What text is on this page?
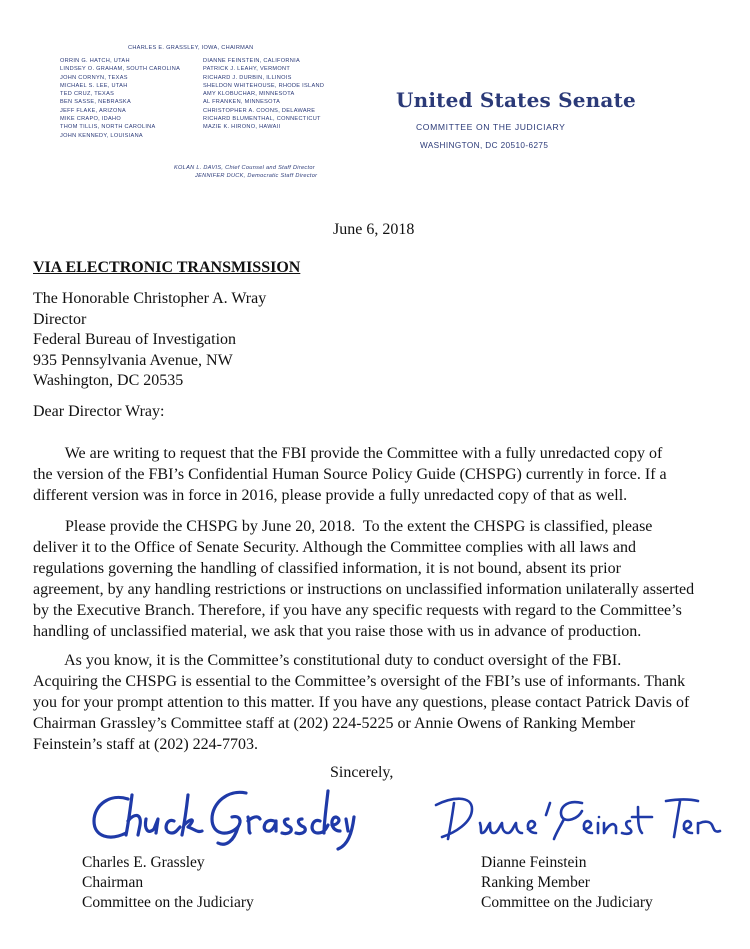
CHARLES E. GRASSLEY, IOWA, CHAIRMAN
ORRIN G. HATCH, UTAH
LINDSEY O. GRAHAM, SOUTH CAROLINA
JOHN CORNYN, TEXAS
MICHAEL S. LEE, UTAH
TED CRUZ, TEXAS
BEN SASSE, NEBRASKA
JEFF FLAKE, ARIZONA
MIKE CRAPO, IDAHO
THOM TILLIS, NORTH CAROLINA
JOHN KENNEDY, LOUISIANA
DIANNE FEINSTEIN, CALIFORNIA
PATRICK J. LEAHY, VERMONT
RICHARD J. DURBIN, ILLINOIS
SHELDON WHITEHOUSE, RHODE ISLAND
AMY KLOBUCHAR, MINNESOTA
AL FRANKEN, MINNESOTA
CHRISTOPHER A. COONS, DELAWARE
RICHARD BLUMENTHAL, CONNECTICUT
MAZIE K. HIRONO, HAWAII
KOLAN L. DAVIS, Chief Counsel and Staff Director
JENNIFER DUCK, Democratic Staff Director
United States Senate
COMMITTEE ON THE JUDICIARY
WASHINGTON, DC 20510-6275
June 6, 2018
VIA ELECTRONIC TRANSMISSION
The Honorable Christopher A. Wray
Director
Federal Bureau of Investigation
935 Pennsylvania Avenue, NW
Washington, DC 20535
Dear Director Wray:
We are writing to request that the FBI provide the Committee with a fully unredacted copy of
the version of the FBI’s Confidential Human Source Policy Guide (CHSPG) currently in force. If a
different version was in force in 2016, please provide a fully unredacted copy of that as well.
Please provide the CHSPG by June 20, 2018.  To the extent the CHSPG is classified, please
deliver it to the Office of Senate Security. Although the Committee complies with all laws and
regulations governing the handling of classified information, it is not bound, absent its prior
agreement, by any handling restrictions or instructions on unclassified information unilaterally asserted
by the Executive Branch. Therefore, if you have any specific requests with regard to the Committee’s
handling of unclassified material, we ask that you raise those with us in advance of production.
As you know, it is the Committee’s constitutional duty to conduct oversight of the FBI.
Acquiring the CHSPG is essential to the Committee’s oversight of the FBI’s use of informants. Thank
you for your prompt attention to this matter. If you have any questions, please contact Patrick Davis of
Chairman Grassley’s Committee staff at (202) 224-5225 or Annie Owens of Ranking Member
Feinstein’s staff at (202) 224-7703.
Sincerely,
Charles E. Grassley
Chairman
Committee on the Judiciary
Dianne Feinstein
Ranking Member
Committee on the Judiciary
